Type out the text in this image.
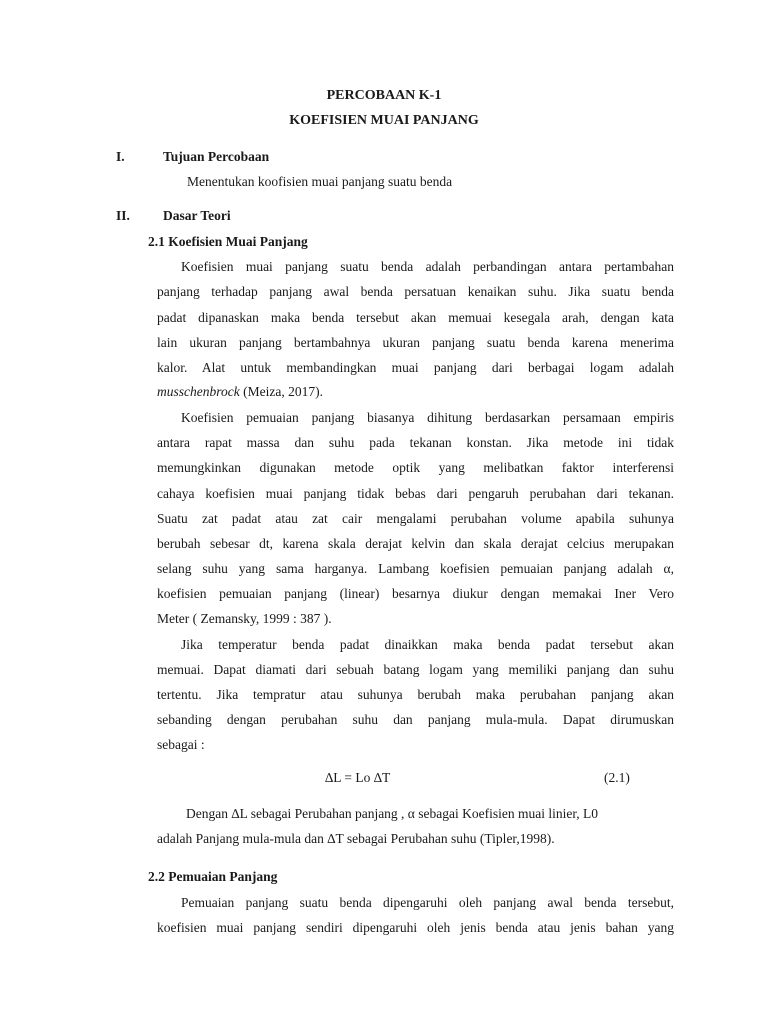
PERCOBAAN K-1
KOEFISIEN MUAI PANJANG
I.	Tujuan Percobaan
Menentukan koofisien muai panjang suatu benda
II. Dasar Teori
2.1 Koefisien Muai Panjang
Koefisien muai panjang suatu benda adalah perbandingan antara pertambahan
panjang terhadap panjang awal benda persatuan kenaikan suhu. Jika suatu benda
padat dipanaskan maka benda tersebut akan memuai kesegala arah, dengan kata
lain ukuran panjang bertambahnya ukuran panjang suatu benda karena menerima
kalor. Alat untuk membandingkan muai panjang dari berbagai logam adalah
musschenbrock (Meiza, 2017).
Koefisien pemuaian panjang biasanya dihitung berdasarkan persamaan empiris
antara rapat massa dan suhu pada tekanan konstan. Jika metode ini tidak
memungkinkan digunakan metode optik yang melibatkan faktor interferensi
cahaya koefisien muai panjang tidak bebas dari pengaruh perubahan dari tekanan.
Suatu zat padat atau zat cair mengalami perubahan volume apabila suhunya
berubah sebesar dt, karena skala derajat kelvin dan skala derajat celcius merupakan
selang suhu yang sama harganya. Lambang koefisien pemuaian panjang adalah α,
koefisien pemuaian panjang (linear) besarnya diukur dengan memakai Iner Vero
Meter ( Zemansky, 1999 : 387 ).
Jika temperatur benda padat dinaikkan maka benda padat tersebut akan
memuai. Dapat diamati dari sebuah batang logam yang memiliki panjang dan suhu
tertentu. Jika tempratur atau suhunya berubah maka perubahan panjang akan
sebanding dengan perubahan suhu dan panjang mula-mula. Dapat dirumuskan
sebagai :
∆L = Lo ∆T	(2.1)
Dengan ∆L sebagai Perubahan panjang , α sebagai Koefisien muai linier, L0
adalah Panjang mula-mula dan ∆T sebagai Perubahan suhu (Tipler,1998).
2.2 Pemuaian Panjang
Pemuaian panjang suatu benda dipengaruhi oleh panjang awal benda tersebut,
koefisien muai panjang sendiri dipengaruhi oleh jenis benda atau jenis bahan yang
